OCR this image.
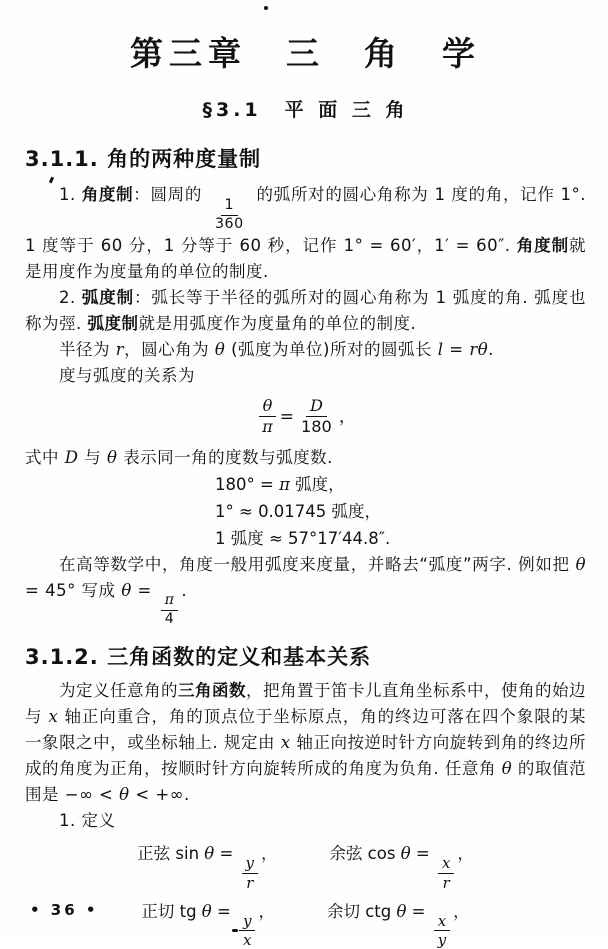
第三章　三　角　学
§3.1　平 面 三 角
3.1.1. 角的两种度量制

1. 角度制：圆周的
$\frac{1}{360}$
的弧所对的圆心角称为 1 度的角，记作 1°. 1 度等于 60 分，1 分等于 60 秒，记作 1° = 60′，1′ = 60″. 角度制就是用度作为度量角的单位的制度.

2. 弧度制：弧长等于半径的弧所对的圆心角称为 1 弧度的角. 弧度也称为弳. 弧度制就是用弧度作为度量角的单位的制度.

半径为 r，圆心角为 θ (弧度为单位)所对的圆弧长 l = rθ.

度与弧度的关系为

$\frac{\theta}{\pi} = \frac{D}{180}$ ，

式中 D 与 θ 表示同一角的度数与弧度数.

180° = π 弧度，
1° ≈ 0.01745 弧度，
1 弧度 ≈ 57°17′44.8″.

在高等数学中，角度一般用弧度来度量，并略去“弧度”两字. 例如把 θ = 45° 写成 θ =
$\frac{\pi}{4}$
.

3.1.2. 三角函数的定义和基本关系

为定义任意角的三角函数，把角置于笛卡儿直角坐标系中，使角的始边与 x 轴正向重合，角的顶点位于坐标原点，角的终边可落在四个象限的某一象限之中，或坐标轴上. 规定由 x 轴正向按逆时针方向旋转到角的终边所成的角度为正角，按顺时针方向旋转所成的角度为负角. 任意角 θ 的取值范围是 −∞ < θ < +∞.

1. 定义

正弦 sin θ =
$\frac{y}{r}$
，	余弦 cos θ =
$\frac{x}{r}$
，
正切 tg θ =
$\frac{y}{x}$
，	余切 ctg θ =
$\frac{x}{y}$
，
• 36 •
